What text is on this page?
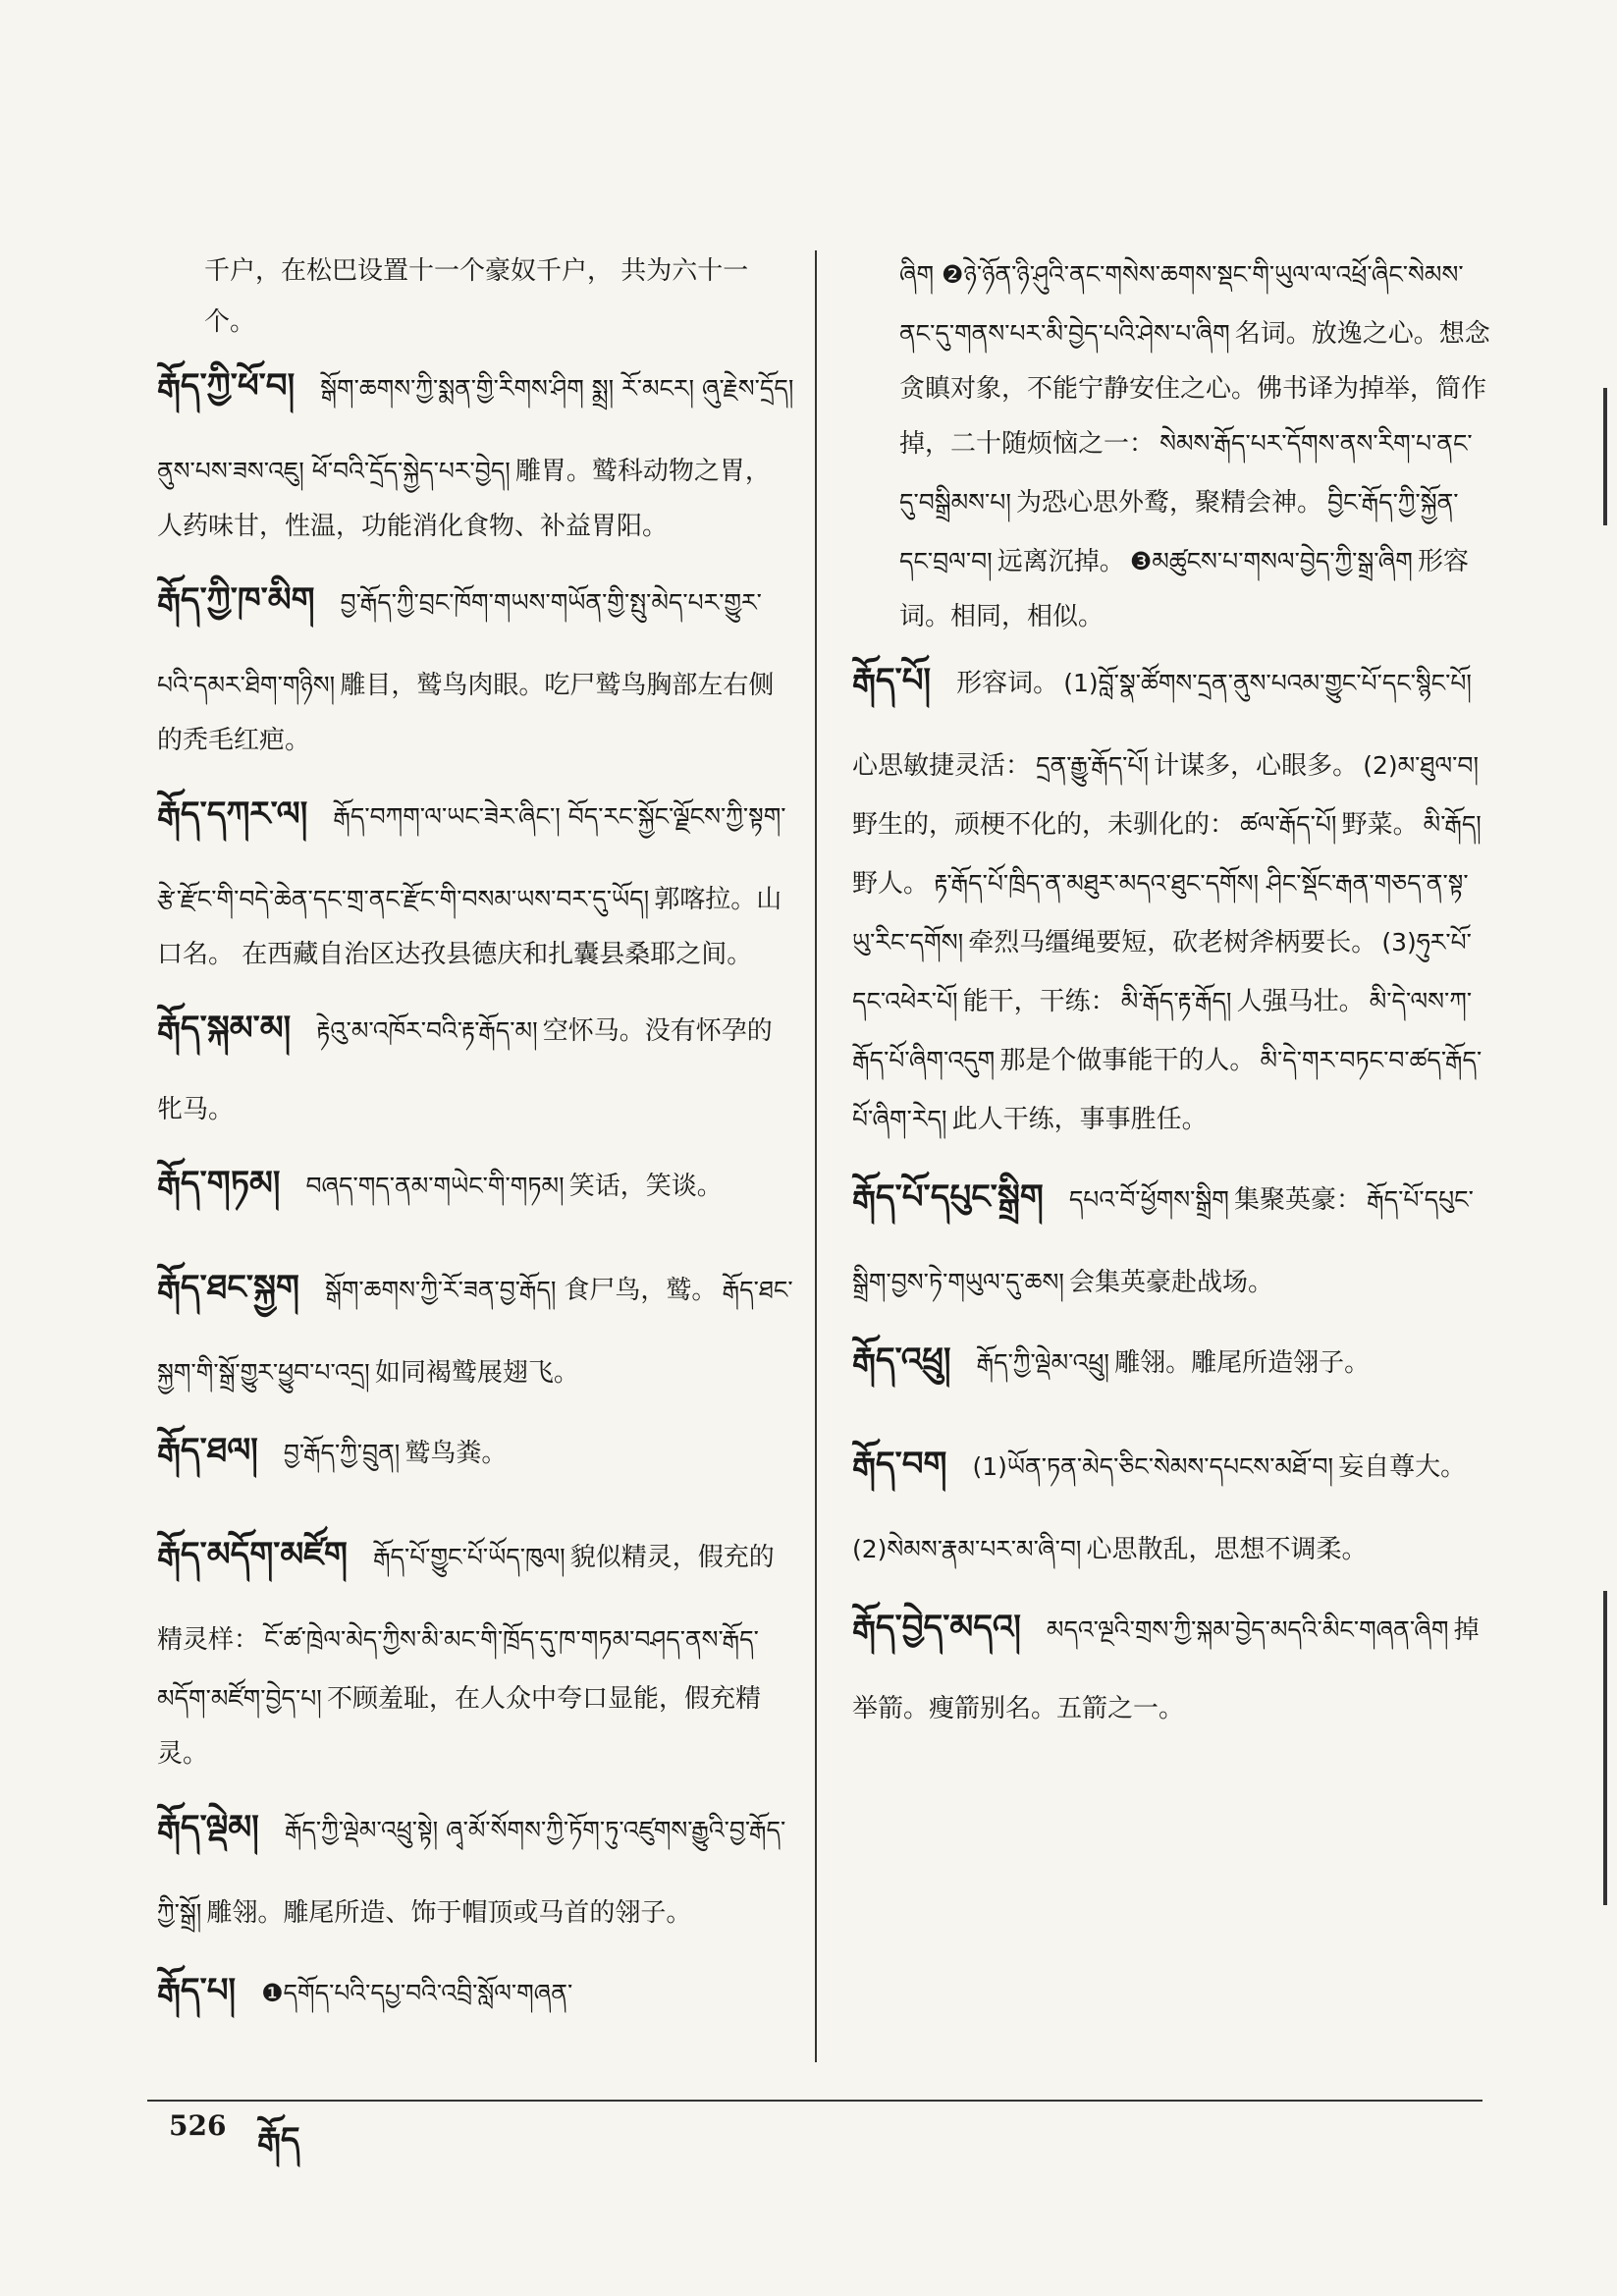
千户，在松巴设置十一个豪奴千户， 共为六十一个。
རྒོད་ཀྱི་ཕོ་བ། སྒོག་ཆགས་ཀྱི་སྨན་གྱི་རིགས་ཤིག སྨྲ། རོ་མངར། ཞུ་རྗེས་དྲོད། ནུས་པས་ཟས་འཇུ། ཕོ་བའི་དྲོད་སྐྱེད་པར་བྱེད། 雕胃。鹫科动物之胃，人药味甘，性温，功能消化食物、补益胃阳。
རྒོད་ཀྱི་ཁ་མིག བྱ་རྒོད་ཀྱི་བྲང་ཁོག་གཡས་གཡོན་གྱི་སྤུ་མེད་པར་གྱུར་པའི་དམར་ཐིག་གཉིས། 雕目，鹫鸟肉眼。吃尸鹫鸟胸部左右侧的秃毛红疤。
རྒོད་དཀར་ལ། རྒོད་བཀག་ལ་ཡང་ཟེར་ཞིང་། བོད་རང་སྐྱོང་ལྗོངས་ཀྱི་སྟག་རྩེ་རྫོང་གི་བདེ་ཆེན་དང་གྲ་ནང་རྫོང་གི་བསམ་ཡས་བར་དུ་ཡོད། 郭喀拉。山口名。 在西藏自治区达孜县德庆和扎囊县桑耶之间。
རྒོད་སྐམ་མ། རྟེའུ་མ་འཁོར་བའི་རྟ་རྒོད་མ། 空怀马。没有怀孕的牝马。
རྒོད་གཏམ། བཞད་གད་ནམ་གཡེང་གི་གཏམ། 笑话，笑谈。
རྒོད་ཐང་སྐྱག སྒོག་ཆགས་ཀྱི་རོ་ཟན་བྱ་རྒོད། 食尸鸟，鹫。 རྒོད་ཐང་སྐྱག་གི་སྒྲོ་གྱུར་ཕྱུབ་པ་འདྲ། 如同褐鹫展翅飞。
རྒོད་ཐལ། བྱ་རྒོད་ཀྱི་བྲུན། 鹫鸟粪。
རྒོད་མདོག་མཛོག རྒོད་པོ་གྱུང་པོ་ཡོད་ཁུལ། 貌似精灵，假充的精灵样： ངོ་ཚ་ཁྲེལ་མེད་ཀྱིས་མི་མང་གི་ཁྲོད་དུ་ཁ་གཏམ་བཤད་ནས་རྒོད་མདོག་མཛོག་བྱེད་པ། 不顾羞耻，在人众中夸口显能，假充精灵。
རྒོད་ལྡེམ། རྒོད་ཀྱི་ལྡེམ་འཕྲུ་སྟེ། ཞྭ་མོ་སོགས་ཀྱི་ཏོག་ཏུ་འཛུགས་རྒྱུའི་བྱ་རྒོད་ཀྱི་སྒྲོ། 雕翎。雕尾所造、饰于帽顶或马首的翎子。
རྒོད་པ། ❶དགོད་པའི་དཔྱ་བའི་འབྲི་སློལ་གཞན་
ཞིག ❷ཉེ་ཉོན་ཉི་ཤུའི་ནང་གསེས་ཆགས་སྡང་གི་ཡུལ་ལ་འཕྲོ་ཞིང་སེམས་ནང་དུ་གནས་པར་མི་བྱེད་པའི་ཤེས་པ་ཞིག 名词。放逸之心。想念贪瞋对象，不能宁静安住之心。佛书译为掉举，简作掉，二十随烦恼之一： སེམས་རྒོད་པར་དོགས་ནས་རིག་པ་ནང་དུ་བསྒྲིམས་པ། 为恐心思外鹜，聚精会神。 བྱིང་རྒོད་ཀྱི་སྐྱོན་དང་བྲལ་བ། 远离沉掉。 ❸མཚུངས་པ་གསལ་བྱེད་ཀྱི་སྒྲ་ཞིག 形容词。相同，相似。
རྒོད་པོ། 形容词。 (1)བློ་སྣ་ཚོགས་དྲན་ནུས་པའམ་གྱུང་པོ་དང་སྙིང་པོ། 心思敏捷灵活： དྲན་རྒྱུ་རྒོད་པོ། 计谋多，心眼多。 (2)མ་ཐུལ་བ། 野生的，顽梗不化的，未驯化的： ཚལ་རྒོད་པོ། 野菜。 མི་རྒོད། 野人。 རྟ་རྒོད་པོ་ཁྲིད་ན་མཐུར་མདའ་ཐུང་དགོས། ཤིང་སྡོང་རྒན་གཅད་ན་སྟ་ཡུ་རིང་དགོས། 牵烈马缰绳要短，砍老树斧柄要长。 (3)ཧུར་པོ་དང་འཕེར་པོ། 能干，干练： མི་རྒོད་རྟ་རྒོད། 人强马壮。 མི་དེ་ལས་ཀ་རྒོད་པོ་ཞིག་འདུག 那是个做事能干的人。 མི་དེ་གར་བཏང་བ་ཚད་རྒོད་པོ་ཞིག་རེད། 此人干练，事事胜任。
རྒོད་པོ་དཔུང་སྒྲིག དཔའ་བོ་ཕྱོགས་སྒྲིག 集聚英豪： རྒོད་པོ་དཔུང་སྒྲིག་བྱས་ཏེ་གཡུལ་དུ་ཆས། 会集英豪赴战场。
རྒོད་འཕྲུ། རྒོད་ཀྱི་ལྡེམ་འཕྲུ། 雕翎。雕尾所造翎子。
རྒོད་བག (1)ཡོན་ཏན་མེད་ཅིང་སེམས་དཔངས་མཐོ་བ། 妄自尊大。 (2)སེམས་རྣམ་པར་མ་ཞི་བ། 心思散乱，思想不调柔。
རྒོད་བྱེད་མདའ། མདའ་ལྔའི་གྲས་ཀྱི་སྐམ་བྱེད་མདའི་མིང་གཞན་ཞིག 掉举箭。瘦箭别名。五箭之一。
526 རྒོད
